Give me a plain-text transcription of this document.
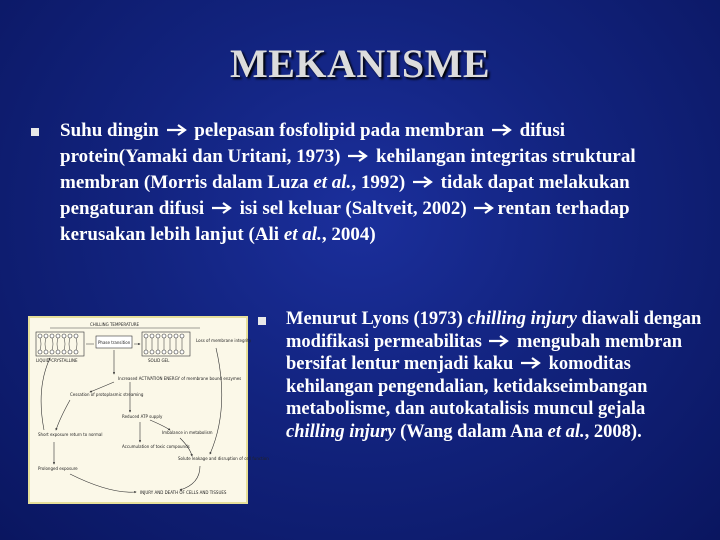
MEKANISME
Suhu dingin pelepasan fosfolipid pada membran difusi protein(Yamaki dan Uritani, 1973) kehilangan integritas struktural membran (Morris dalam Luza et al., 1992) tidak dapat melakukan pengaturan difusi isi sel keluar (Saltveit, 2002) rentan terhadap kerusakan lebih lanjut (Ali et al., 2004)
CHILLING TEMPERATURE
LIQUID-CRYSTALLINE	SOLID GEL
Phase transition	Loss of membrane integrity
Increased ACTIVATION ENERGY of membrane bound enzymes
Cessation of protoplasmic streaming
Reduced ATP supply
Imbalance in metabolism
Accumulation of toxic compounds
Solute leakage and disruption of cell function
Short exposure return to normal
Prolonged exposure
INJURY AND DEATH OF CELLS AND TISSUES
Menurut Lyons (1973) chilling injury diawali dengan modifikasi permeabilitas mengubah membran bersifat lentur menjadi kaku komoditas kehilangan pengendalian, ketidakseimbangan metabolisme, dan autokatalisis muncul gejala chilling injury (Wang dalam Ana et al., 2008).
